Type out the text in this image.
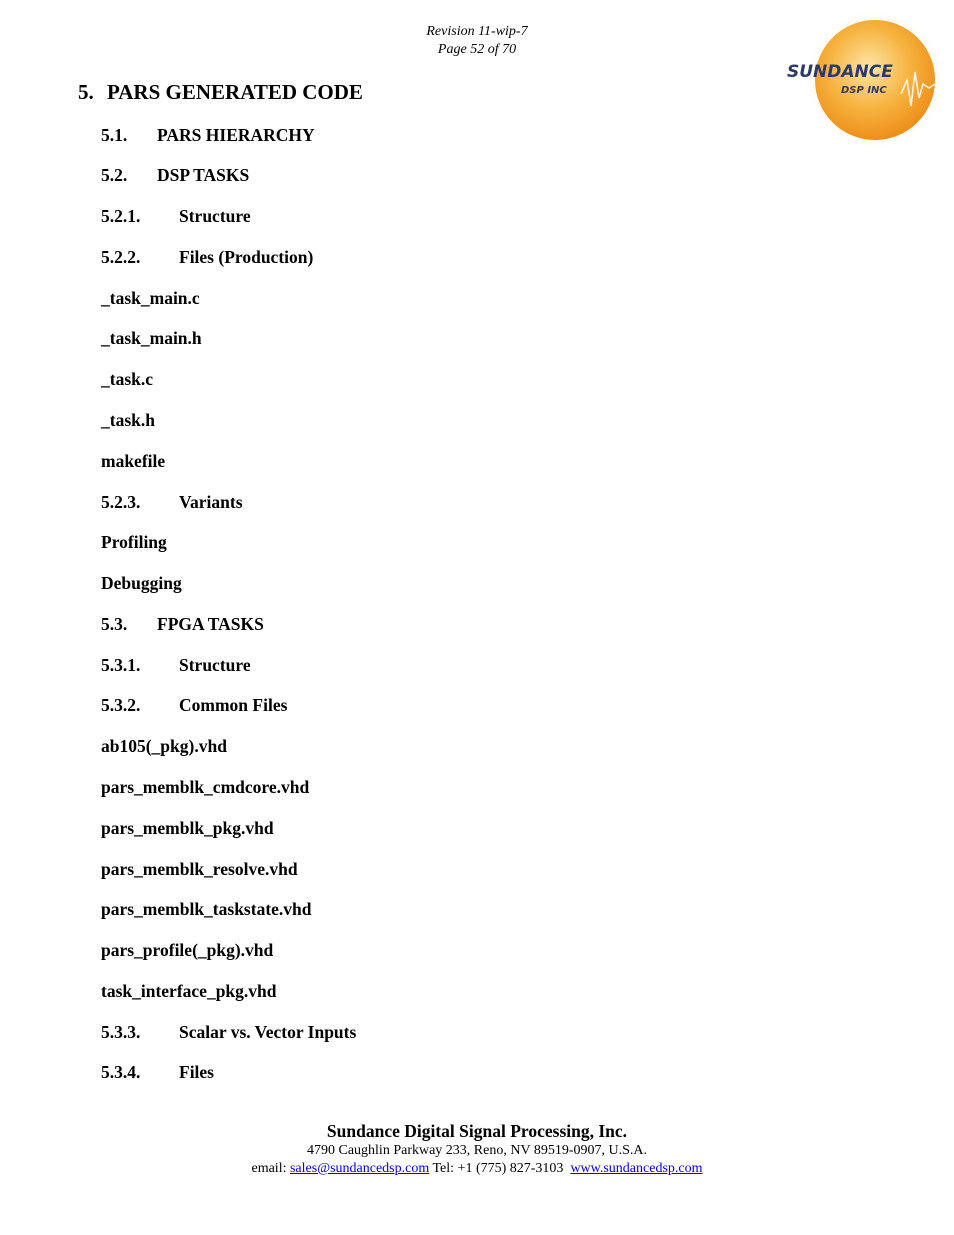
Revision 11-wip-7
Page 52 of 70
SUNDANCE
DSP INC
5. PARS GENERATED CODE
5.1. PARS HIERARCHY
5.2. DSP TASKS
5.2.1. Structure
5.2.2. Files (Production)
_task_main.c
_task_main.h
_task.c
_task.h
makefile
5.2.3. Variants
Profiling
Debugging
5.3. FPGA TASKS
5.3.1. Structure
5.3.2. Common Files
ab105(_pkg).vhd
pars_memblk_cmdcore.vhd
pars_memblk_pkg.vhd
pars_memblk_resolve.vhd
pars_memblk_taskstate.vhd
pars_profile(_pkg).vhd
task_interface_pkg.vhd
5.3.3. Scalar vs. Vector Inputs
5.3.4. Files
Sundance Digital Signal Processing, Inc.
4790 Caughlin Parkway 233, Reno, NV 89519-0907, U.S.A.
email: sales@sundancedsp.com Tel: +1 (775) 827-3103 www.sundancedsp.com
